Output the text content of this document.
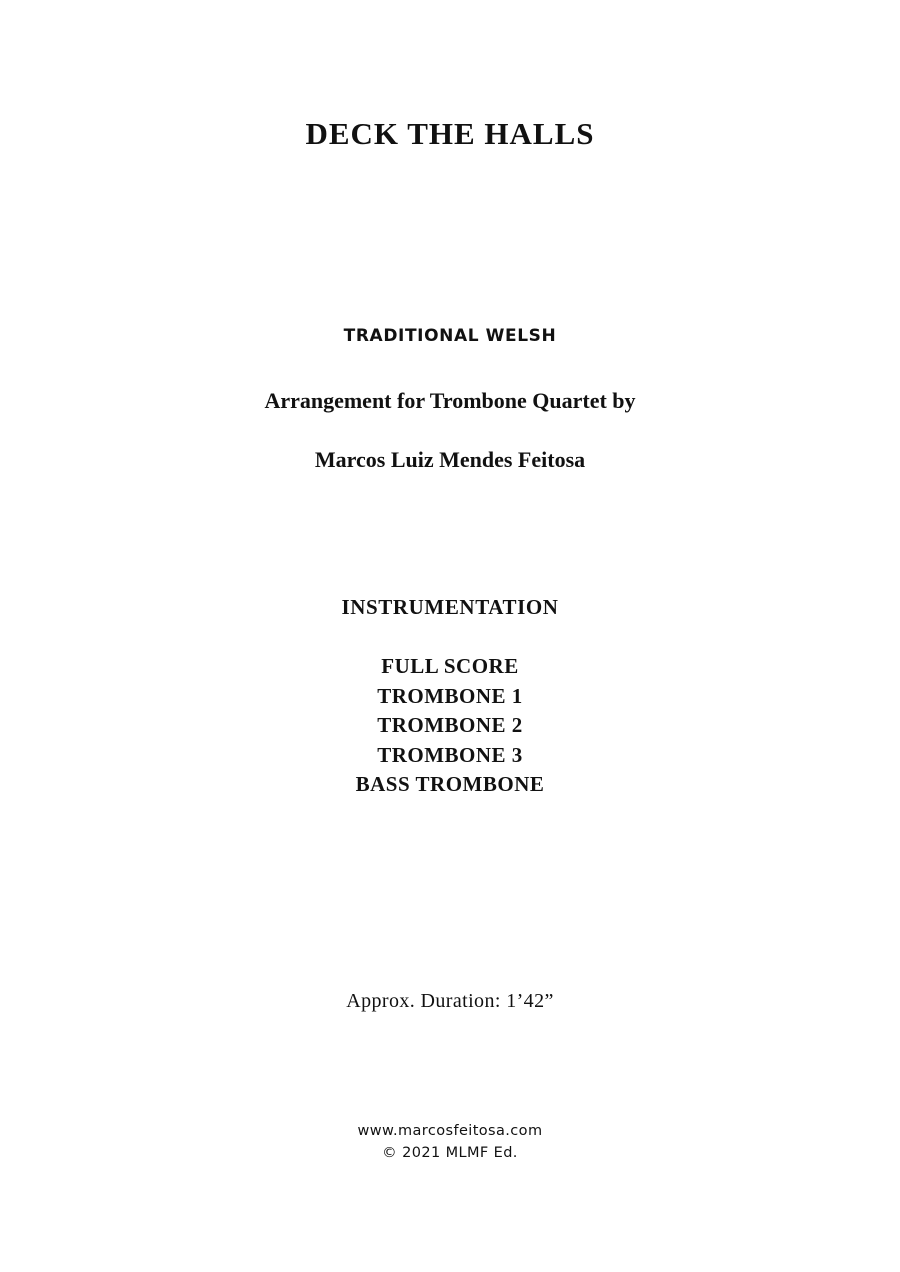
DECK THE HALLS
TRADITIONAL WELSH
Arrangement for Trombone Quartet by
Marcos Luiz Mendes Feitosa
INSTRUMENTATION
FULL SCORE
TROMBONE 1
TROMBONE 2
TROMBONE 3
BASS TROMBONE
Approx. Duration: 1’42”
www.marcosfeitosa.com
© 2021 MLMF Ed.
